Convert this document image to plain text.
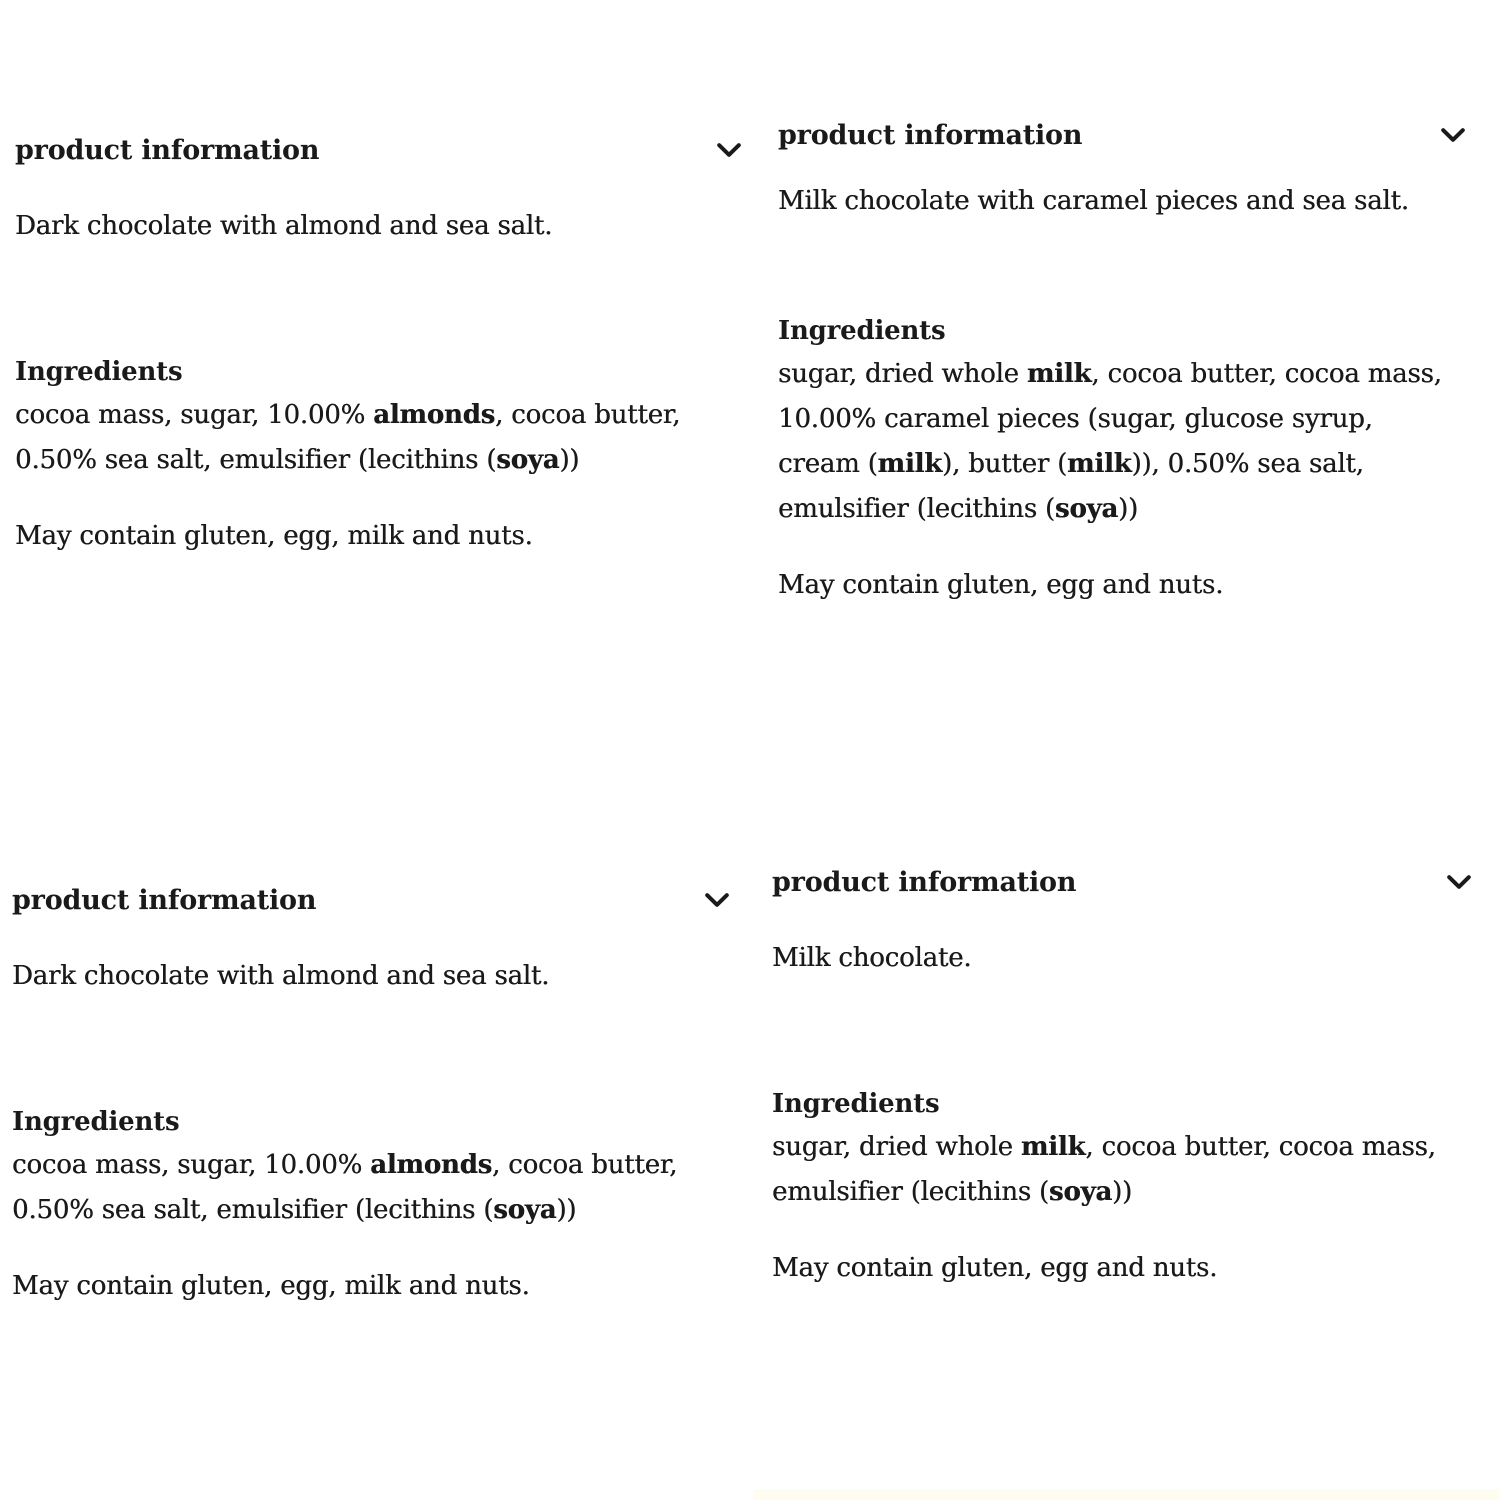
product information

Dark chocolate with almond and sea salt.

Ingredients
cocoa mass, sugar, 10.00% almonds, cocoa butter,
0.50% sea salt, emulsifier (lecithins (soya))

May contain gluten, egg, milk and nuts.

product information

Milk chocolate with caramel pieces and sea salt.

Ingredients
sugar, dried whole milk, cocoa butter, cocoa mass,
10.00% caramel pieces (sugar, glucose syrup,
cream (milk), butter (milk)), 0.50% sea salt,
emulsifier (lecithins (soya))

May contain gluten, egg and nuts.

product information

Dark chocolate with almond and sea salt.

Ingredients
cocoa mass, sugar, 10.00% almonds, cocoa butter,
0.50% sea salt, emulsifier (lecithins (soya))

May contain gluten, egg, milk and nuts.

product information

Milk chocolate.

Ingredients
sugar, dried whole milk, cocoa butter, cocoa mass,
emulsifier (lecithins (soya))

May contain gluten, egg and nuts.
